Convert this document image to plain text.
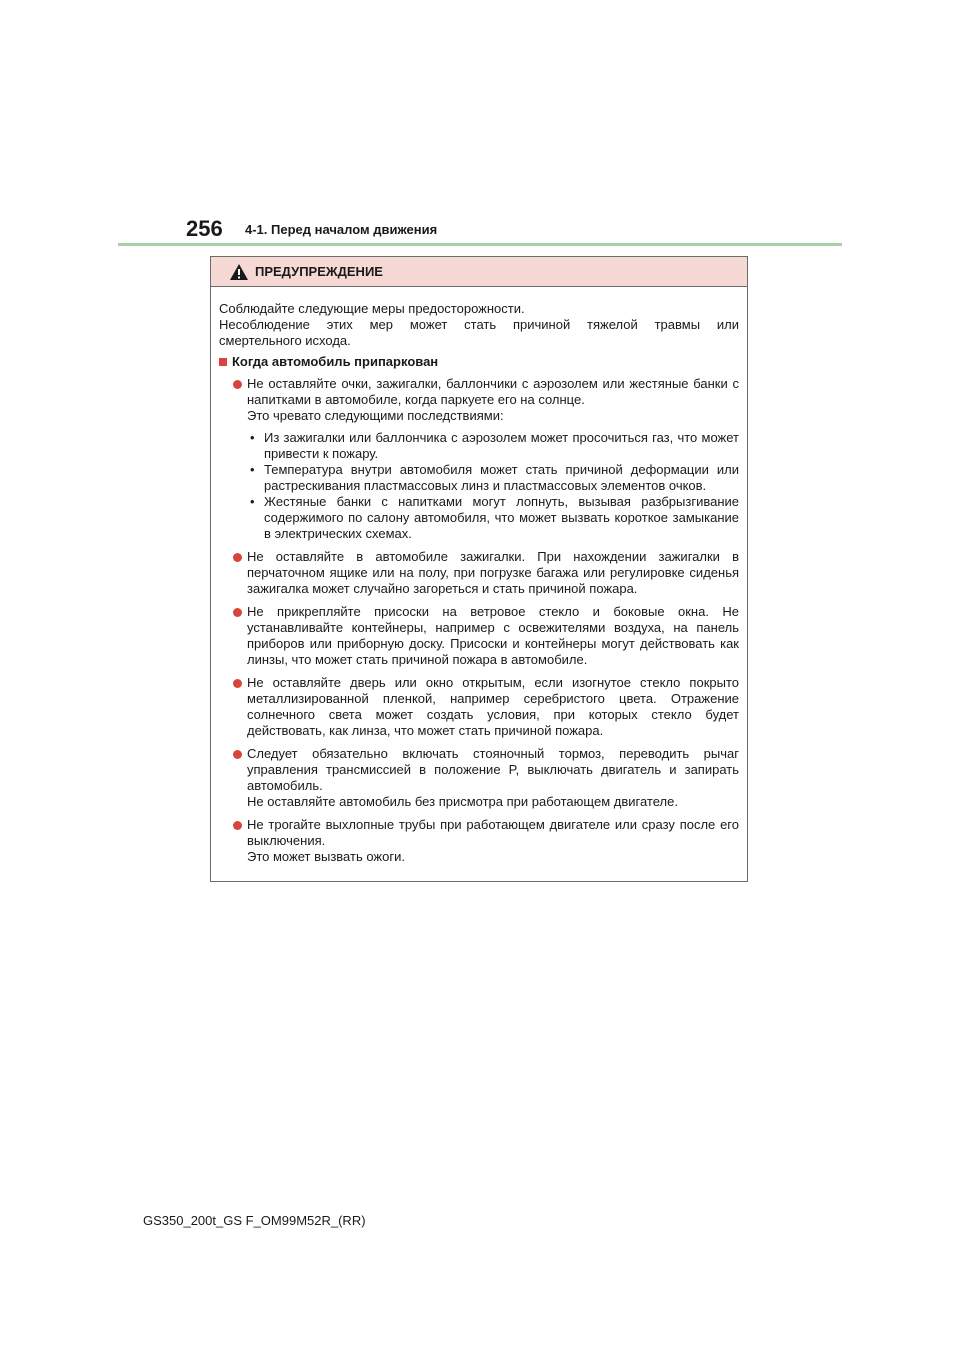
256 4-1. Перед началом движения
ПРЕДУПРЕЖДЕНИЕ
Соблюдайте следующие меры предосторожности.
Несоблюдение этих мер может стать причиной тяжелой травмы или
смертельного исхода.
Когда автомобиль припаркован

Не оставляйте очки, зажигалки, баллончики с аэрозолем или жестяные банки с напитками в автомобиле, когда паркуете его на солнце.

Это чревато следующими последствиями:

• Из зажигалки или баллончика с аэрозолем может просочиться газ, что может привести к пожару.
• Температура внутри автомобиля может стать причиной деформации или растрескивания пластмассовых линз и пластмассовых элементов очков.
• Жестяные банки с напитками могут лопнуть, вызывая разбрызгивание содержимого по салону автомобиля, что может вызвать короткое замыкание в электрических схемах.

Не оставляйте в автомобиле зажигалки. При нахождении зажигалки в перчаточном ящике или на полу, при погрузке багажа или регулировке сиденья зажигалка может случайно загореться и стать причиной пожара.

Не прикрепляйте присоски на ветровое стекло и боковые окна. Не устанавливайте контейнеры, например с освежителями воздуха, на панель приборов или приборную доску. Присоски и контейнеры могут действовать как линзы, что может стать причиной пожара в автомобиле.

Не оставляйте дверь или окно открытым, если изогнутое стекло покрыто металлизированной пленкой, например серебристого цвета. Отражение солнечного света может создать условия, при которых стекло будет действовать, как линза, что может стать причиной пожара.

Следует обязательно включать стояночный тормоз, переводить рычаг управления трансмиссией в положение P, выключать двигатель и запирать автомобиль.

Не оставляйте автомобиль без присмотра при работающем двигателе.

Не трогайте выхлопные трубы при работающем двигателе или сразу после его выключения.

Это может вызвать ожоги.

GS350_200t_GS F_OM99M52R_(RR)
